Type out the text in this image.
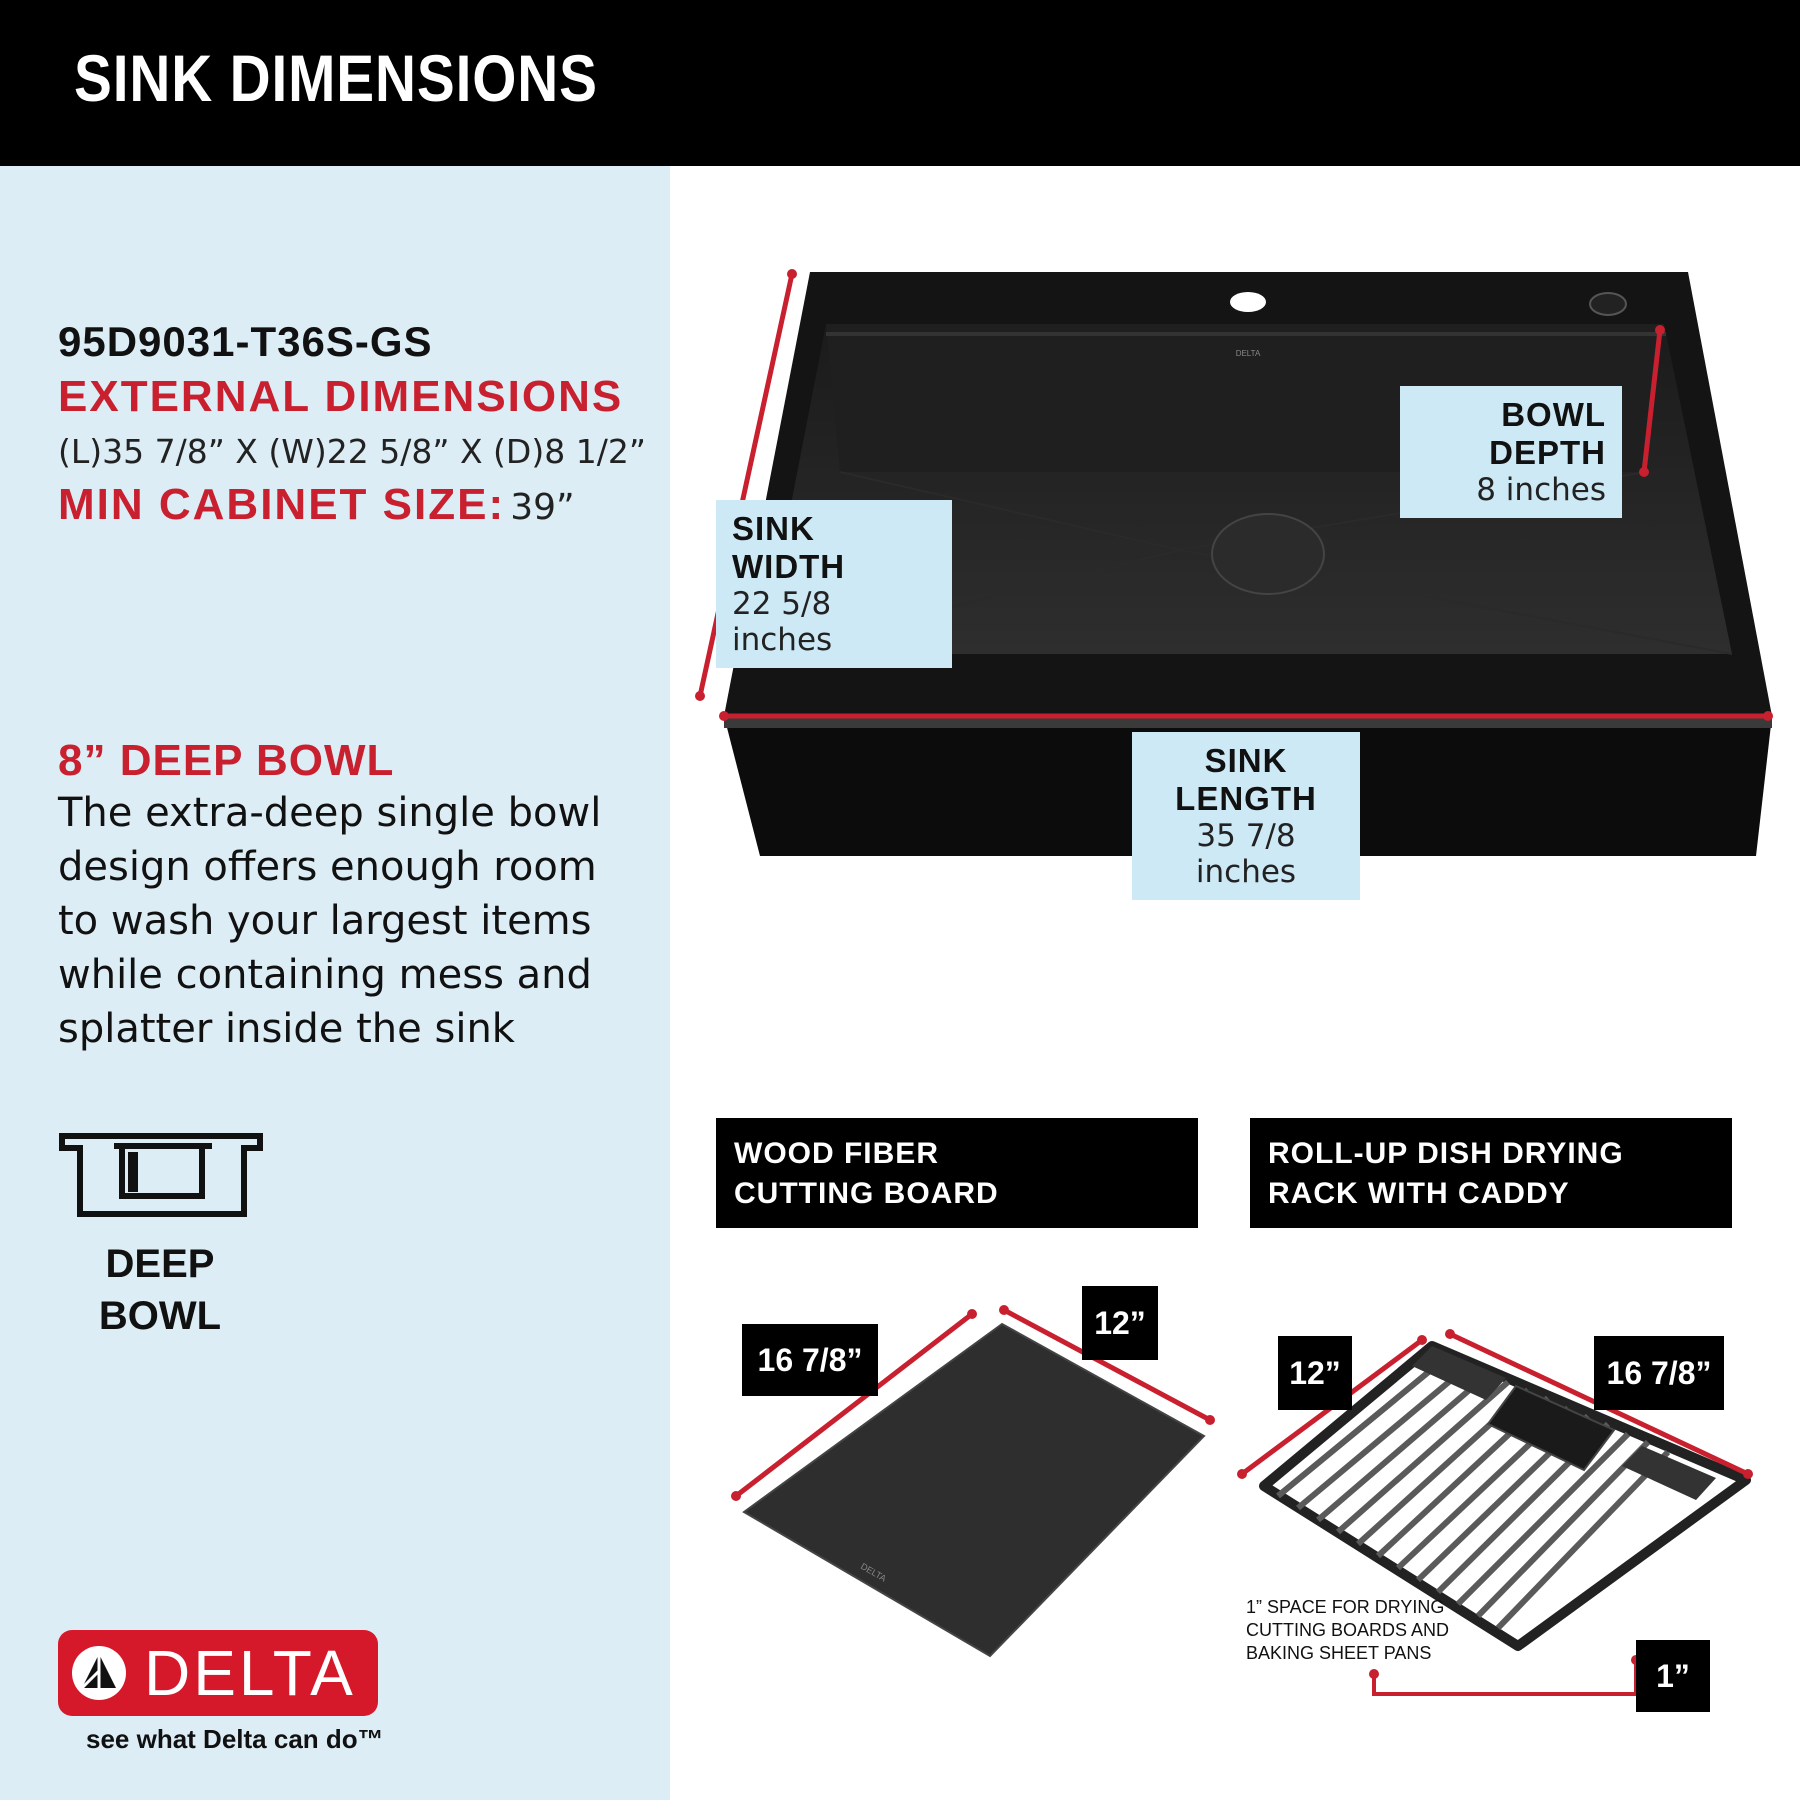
SINK DIMENSIONS
95D9031-T36S-GS
EXTERNAL DIMENSIONS
(L)35 7/8” X (W)22 5/8” X (D)8 1/2”
MIN CABINET SIZE: 39”
8” DEEP BOWL
The extra-deep single bowl design offers enough room to wash your largest items while containing mess and splatter inside the sink
DEEP
BOWL
DELTA
see what Delta can do™
DELTA
BOWL DEPTH
8 inches
SINK WIDTH
22 5/8 inches
SINK LENGTH
35 7/8 inches
WOOD FIBER
CUTTING BOARD
ROLL-UP DISH DRYING
RACK WITH CADDY
DELTA
16 7/8”
12”
12”	16 7/8”
1” SPACE FOR DRYING
CUTTING BOARDS AND
BAKING SHEET PANS
1”
